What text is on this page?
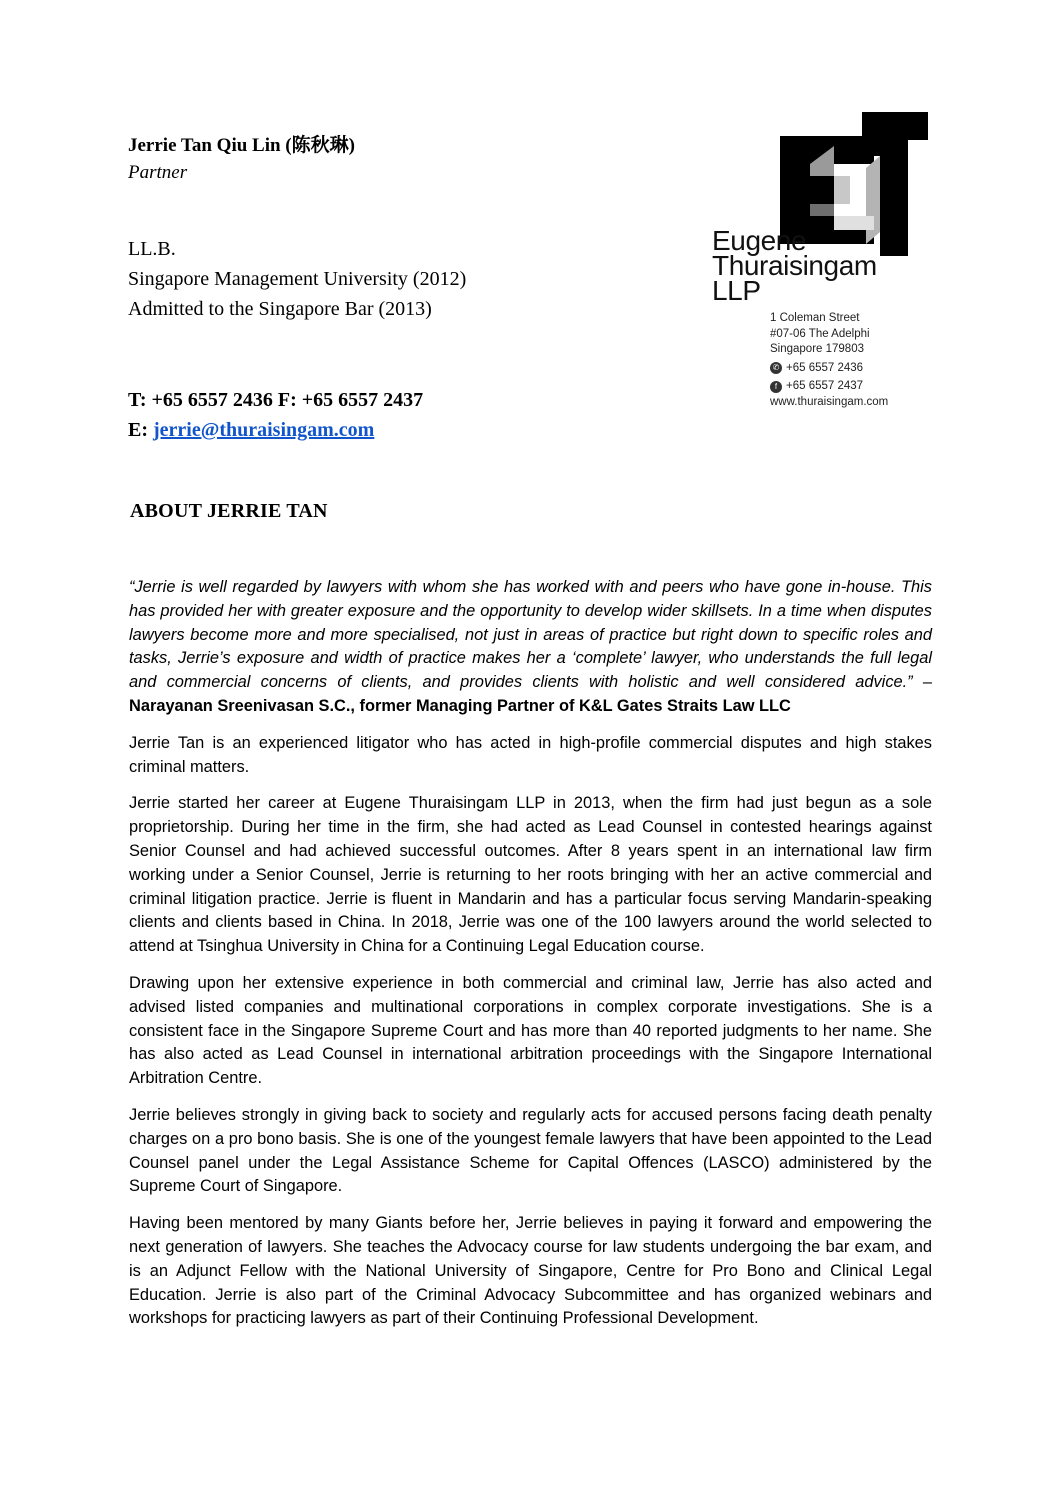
Jerrie Tan Qiu Lin (陈秋琳)
Partner
LL.B.
Singapore Management University (2012)
Admitted to the Singapore Bar (2013)
T: +65 6557 2436 F: +65 6557 2437
E: jerrie@thuraisingam.com
Eugene
Thuraisingam
LLP
1 Coleman Street
#07-06 The Adelphi
Singapore 179803
✆ +65 6557 2436
f +65 6557 2437
www.thuraisingam.com
ABOUT JERRIE TAN

“Jerrie is well regarded by lawyers with whom she has worked with and peers who have gone in-house. This has provided her with greater exposure and the opportunity to develop wider skillsets. In a time when disputes lawyers become more and more specialised, not just in areas of practice but right down to specific roles and tasks, Jerrie’s exposure and width of practice makes her a ‘complete’ lawyer, who understands the full legal and commercial concerns of clients, and provides clients with holistic and well considered advice.” – Narayanan Sreenivasan S.C., former Managing Partner of K&L Gates Straits Law LLC

Jerrie Tan is an experienced litigator who has acted in high-profile commercial disputes and high stakes criminal matters.

Jerrie started her career at Eugene Thuraisingam LLP in 2013, when the firm had just begun as a sole proprietorship. During her time in the firm, she had acted as Lead Counsel in contested hearings against Senior Counsel and had achieved successful outcomes. After 8 years spent in an international law firm working under a Senior Counsel, Jerrie is returning to her roots bringing with her an active commercial and criminal litigation practice. Jerrie is fluent in Mandarin and has a particular focus serving Mandarin-speaking clients and clients based in China. In 2018, Jerrie was one of the 100 lawyers around the world selected to attend at Tsinghua University in China for a Continuing Legal Education course.

Drawing upon her extensive experience in both commercial and criminal law, Jerrie has also acted and advised listed companies and multinational corporations in complex corporate investigations. She is a consistent face in the Singapore Supreme Court and has more than 40 reported judgments to her name. She has also acted as Lead Counsel in international arbitration proceedings with the Singapore International Arbitration Centre.

Jerrie believes strongly in giving back to society and regularly acts for accused persons facing death penalty charges on a pro bono basis. She is one of the youngest female lawyers that have been appointed to the Lead Counsel panel under the Legal Assistance Scheme for Capital Offences (LASCO) administered by the Supreme Court of Singapore.

Having been mentored by many Giants before her, Jerrie believes in paying it forward and empowering the next generation of lawyers. She teaches the Advocacy course for law students undergoing the bar exam, and is an Adjunct Fellow with the National University of Singapore, Centre for Pro Bono and Clinical Legal Education. Jerrie is also part of the Criminal Advocacy Subcommittee and has organized webinars and workshops for practicing lawyers as part of their Continuing Professional Development.
